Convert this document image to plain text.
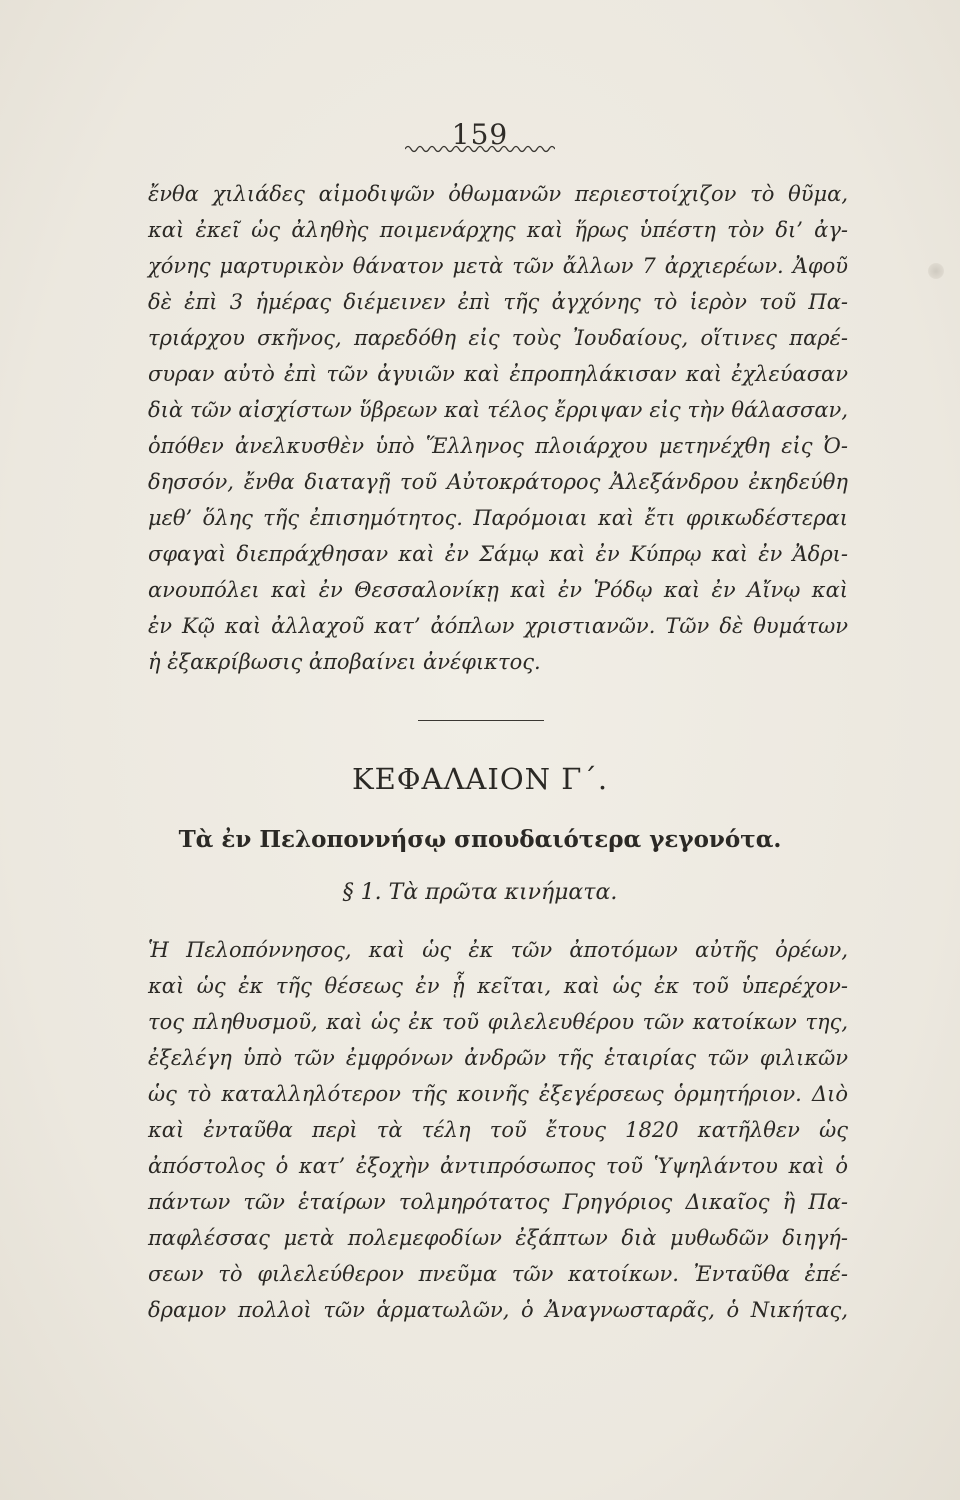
159
ἔνθα χιλιάδες αἱμοδιψῶν ὀθωμανῶν περιεστοίχιζον τὸ θῦμα,
καὶ ἐκεῖ ὡς ἀληθὴς ποιμενάρχης καὶ ἥρως ὑπέστη τὸν δι’ ἀγ-
χόνης μαρτυρικὸν θάνατον μετὰ τῶν ἄλλων 7 ἀρχιερέων. Ἀφοῦ
δὲ ἐπὶ 3 ἡμέρας διέμεινεν ἐπὶ τῆς ἀγχόνης τὸ ἱερὸν τοῦ Πα-
τριάρχου σκῆνος, παρεδόθη εἰς τοὺς Ἰουδαίους, οἵτινες παρέ-
συραν αὐτὸ ἐπὶ τῶν ἀγυιῶν καὶ ἐπροπηλάκισαν καὶ ἐχλεύασαν
διὰ τῶν αἰσχίστων ὕβρεων καὶ τέλος ἔρριψαν εἰς τὴν θάλασσαν,
ὁπόθεν ἀνελκυσθὲν ὑπὸ Ἕλληνος πλοιάρχου μετηνέχθη εἰς Ὀ-
δησσόν, ἔνθα διαταγῇ τοῦ Αὐτοκράτορος Ἀλεξάνδρου ἐκηδεύθη
μεθ’ ὅλης τῆς ἐπισημότητος. Παρόμοιαι καὶ ἔτι φρικωδέστεραι
σφαγαὶ διεπράχθησαν καὶ ἐν Σάμῳ καὶ ἐν Κύπρῳ καὶ ἐν Ἀδρι-
ανουπόλει καὶ ἐν Θεσσαλονίκῃ καὶ ἐν Ῥόδῳ καὶ ἐν Αἴνῳ καὶ
ἐν Κῷ καὶ ἀλλαχοῦ κατ’ ἀόπλων χριστιανῶν. Τῶν δὲ θυμάτων
ἡ ἐξακρίβωσις ἀποβαίνει ἀνέφικτος.
ΚΕΦΑΛΑΙΟΝ Γ΄.
Τὰ ἐν Πελοποννήσῳ σπουδαιότερα γεγονότα.
§ 1. Τὰ πρῶτα κινήματα.
Ἡ Πελοπόννησος, καὶ ὡς ἐκ τῶν ἀποτόμων αὐτῆς ὀρέων,
καὶ ὡς ἐκ τῆς θέσεως ἐν ᾗ κεῖται, καὶ ὡς ἐκ τοῦ ὑπερέχον-
τος πληθυσμοῦ, καὶ ὡς ἐκ τοῦ φιλελευθέρου τῶν κατοίκων της,
ἐξελέγη ὑπὸ τῶν ἐμφρόνων ἀνδρῶν τῆς ἑταιρίας τῶν φιλικῶν
ὡς τὸ καταλληλότερον τῆς κοινῆς ἐξεγέρσεως ὁρμητήριον. Διὸ
καὶ ἐνταῦθα περὶ τὰ τέλη τοῦ ἔτους 1820 κατῆλθεν ὡς
ἀπόστολος ὁ κατ’ ἐξοχὴν ἀντιπρόσωπος τοῦ Ὑψηλάντου καὶ ὁ
πάντων τῶν ἑταίρων τολμηρότατος Γρηγόριος Δικαῖος ἢ Πα-
παφλέσσας μετὰ πολεμεφοδίων ἐξάπτων διὰ μυθωδῶν διηγή-
σεων τὸ φιλελεύθερον πνεῦμα τῶν κατοίκων. Ἐνταῦθα ἐπέ-
δραμον πολλοὶ τῶν ἁρματωλῶν, ὁ Ἀναγνωσταρᾶς, ὁ Νικήτας,
